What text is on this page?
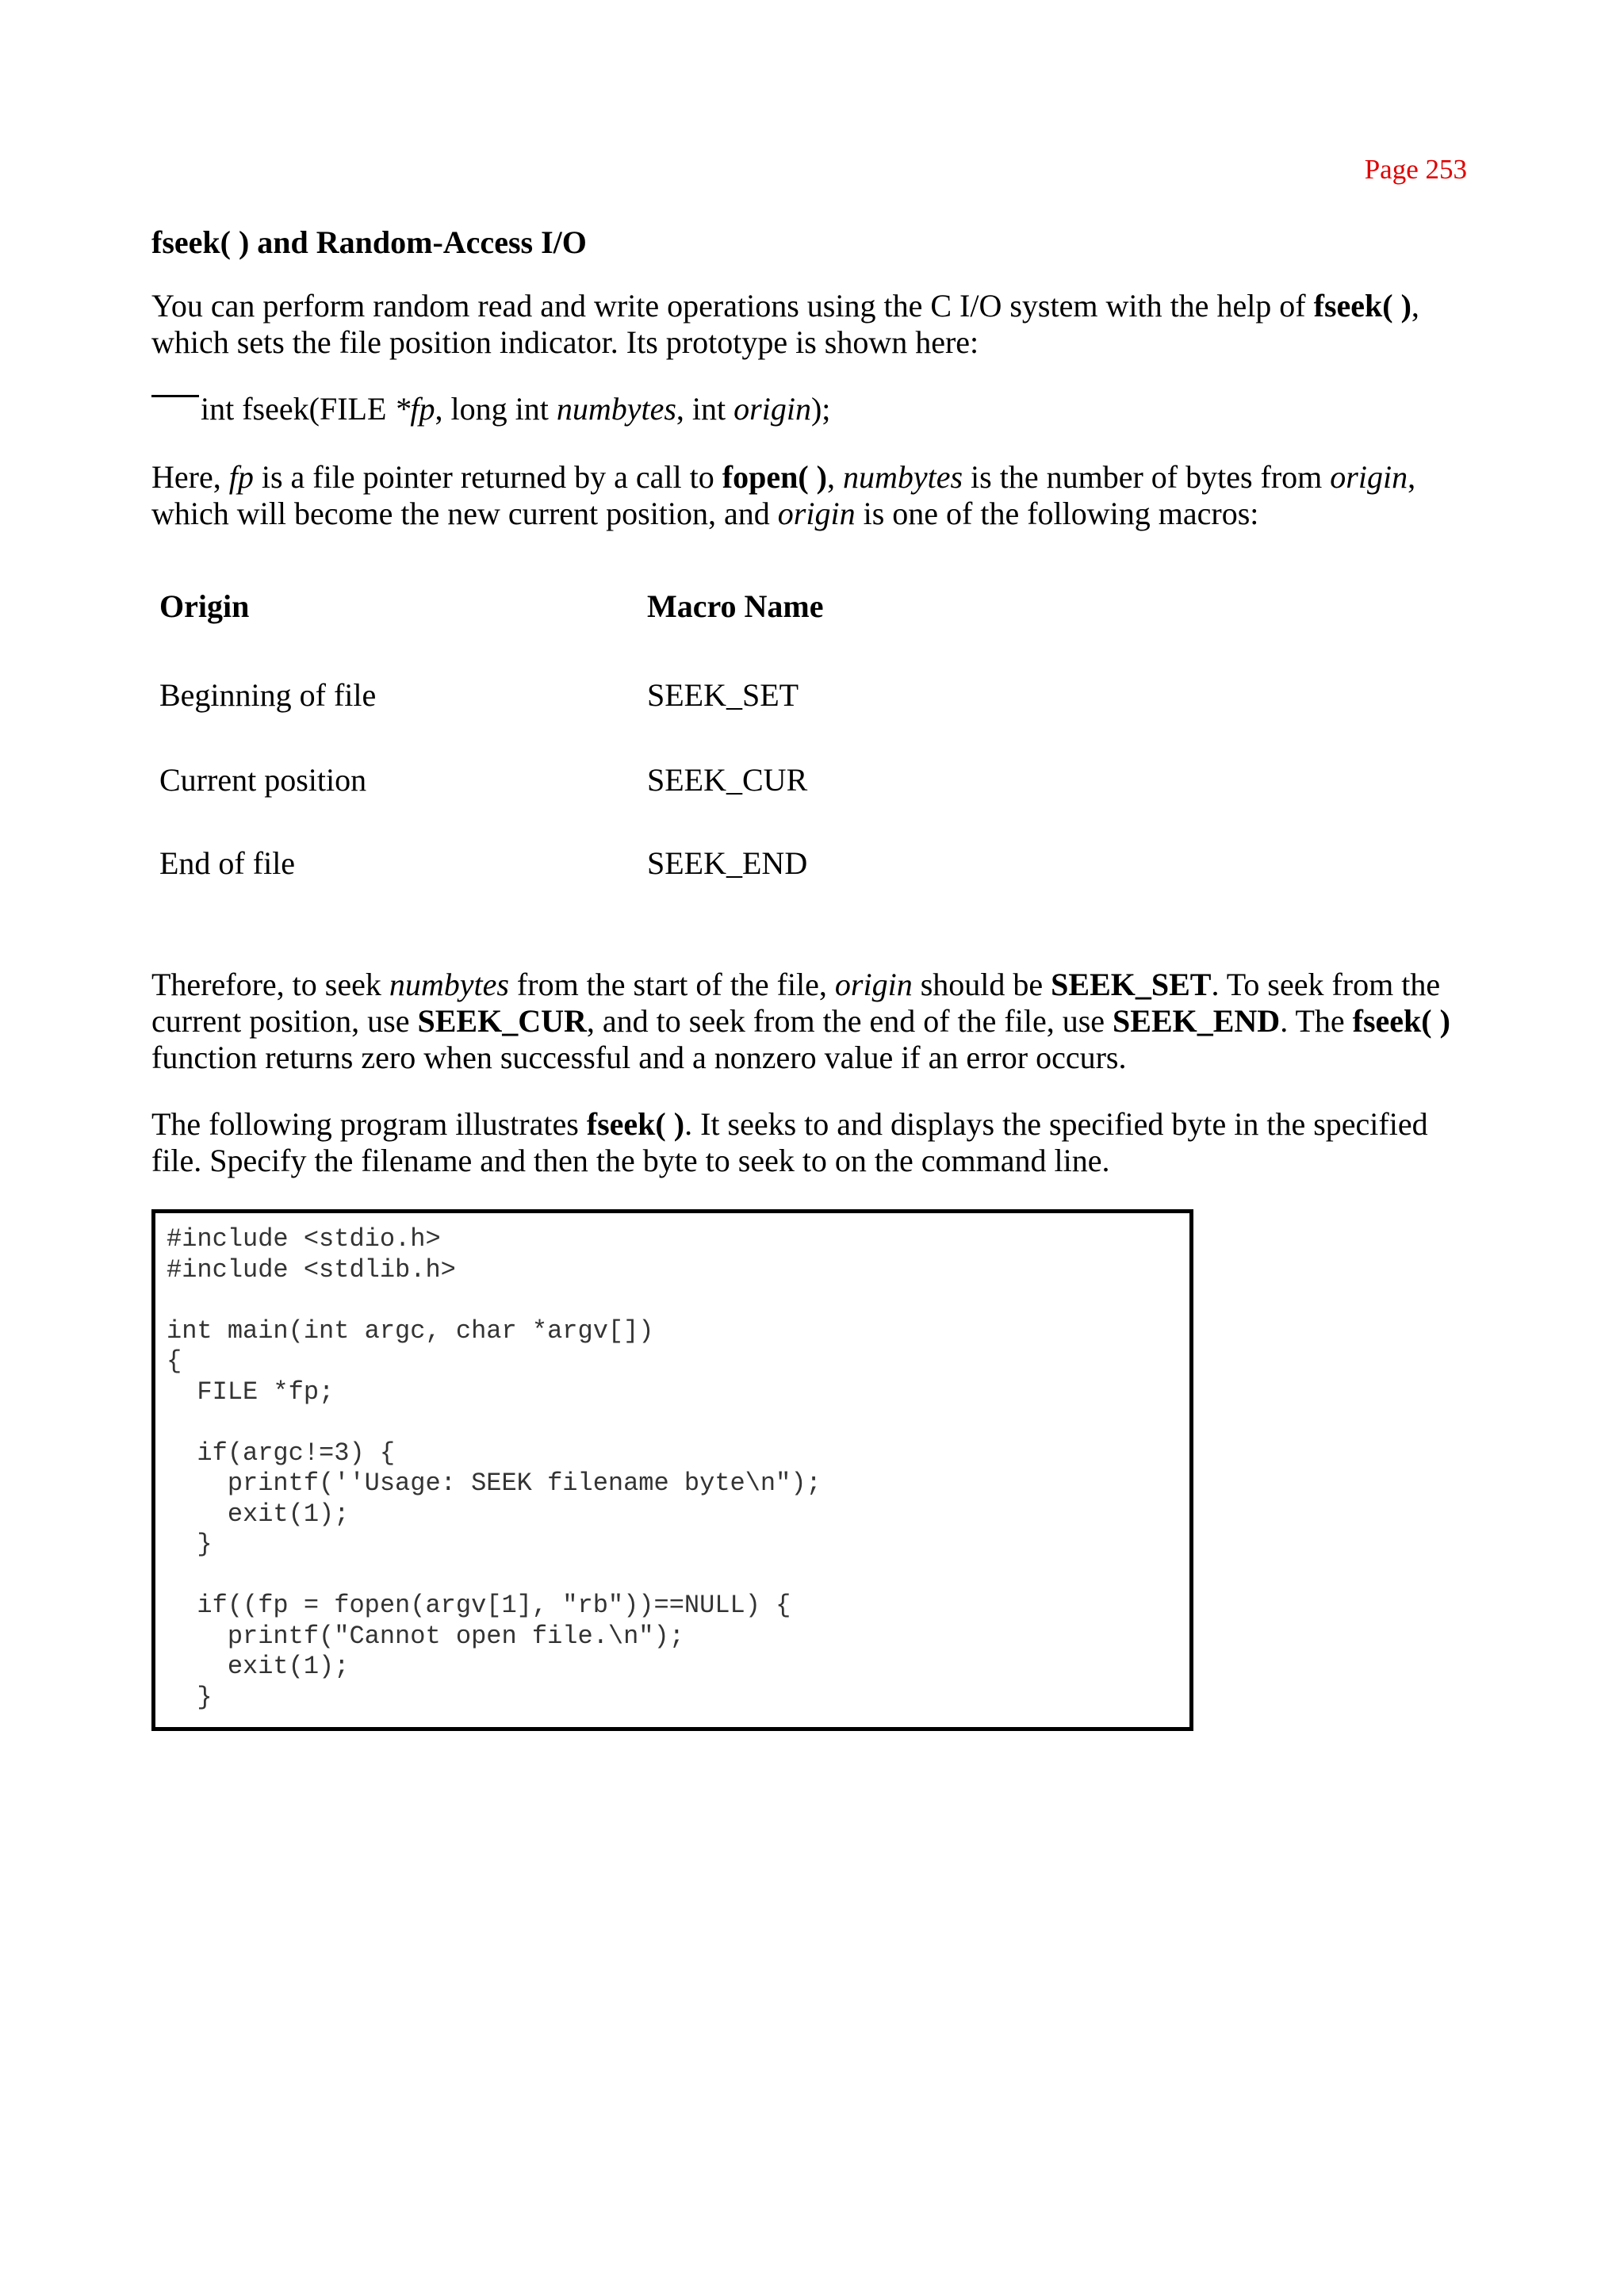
Page 253
fseek( ) and Random-Access I/O

You can perform random read and write operations using the C I/O system with the help of fseek( ), which sets the file position indicator. Its prototype is shown here:

int fseek(FILE *fp, long int numbytes, int origin);

Here, fp is a file pointer returned by a call to fopen( ), numbytes is the number of bytes from origin, which will become the new current position, and origin is one of the following macros:

Origin	Macro Name
Beginning of file	SEEK_SET
Current position	SEEK_CUR
End of file	SEEK_END

Therefore, to seek numbytes from the start of the file, origin should be SEEK_SET. To seek from the current position, use SEEK_CUR, and to seek from the end of the file, use SEEK_END. The fseek( ) function returns zero when successful and a nonzero value if an error occurs.

The following program illustrates fseek( ). It seeks to and displays the specified byte in the specified file. Specify the filename and then the byte to seek to on the command line.

#include <stdio.h>
#include <stdlib.h>

int main(int argc, char *argv[])
{
FILE *fp;

if(argc!=3) {
printf(''Usage: SEEK filename byte\n");
exit(1);
}

if((fp = fopen(argv[1], "rb"))==NULL) {
printf("Cannot open file.\n");
exit(1);
}
